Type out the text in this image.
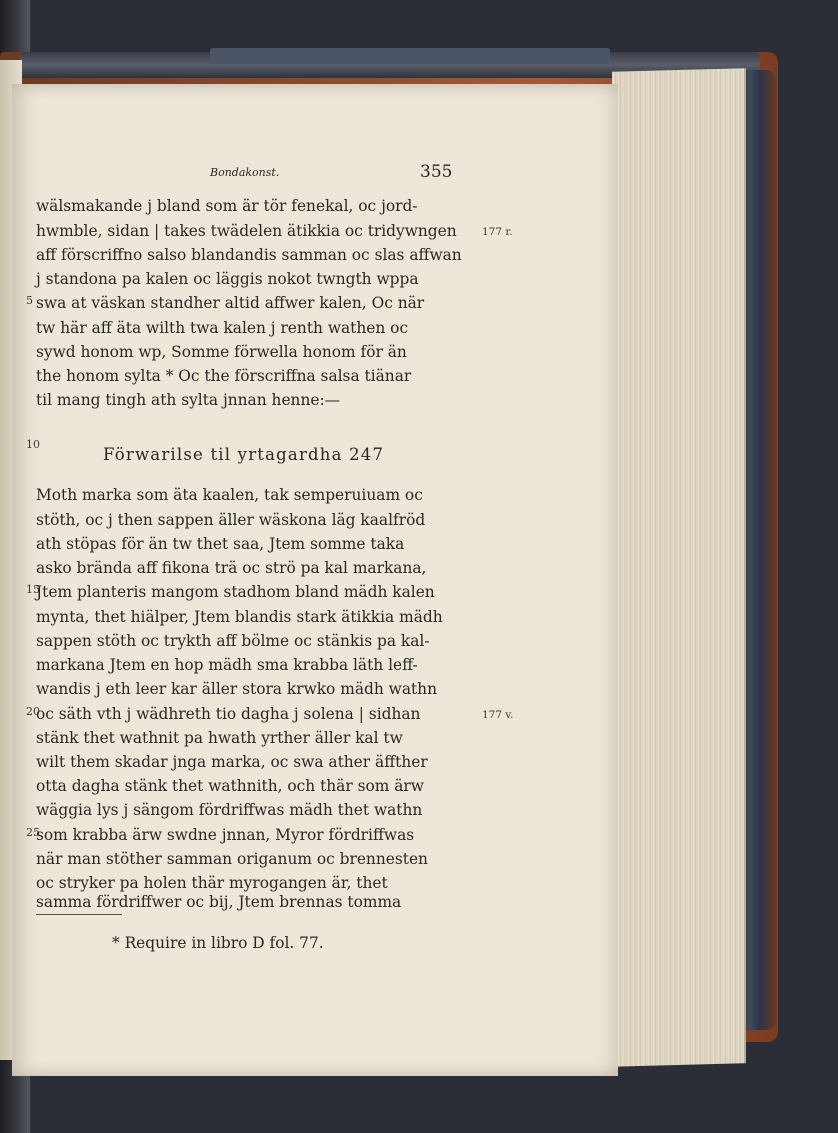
Bondakonst.	355
wälsmakande j bland som är tör fenekal, oc jord-
hwmble, sidan | takes twädelen ätikkia oc tridywngen 177 r.
aff förscriffno salso blandandis samman oc slas affwan
j standona pa kalen oc läggis nokot twngth wppa
5 swa at väskan standher altid affwer kalen, Oc när
tw här aff äta wilth twa kalen j renth wathen oc
sywd honom wp, Somme förwella honom för än
the honom sylta * Oc the förscriffna salsa tiänar
til mang tingh ath sylta jnnan henne:—
10
Förwarilse til yrtagardha 247
Moth marka som äta kaalen, tak semperuiuam oc
stöth, oc j then sappen äller wäskona läg kaalfröd
ath stöpas för än tw thet saa, Jtem somme taka
asko brända aff fikona trä oc strö pa kal markana,
15
Jtem planteris mangom stadhom bland mädh kalen
mynta, thet hiälper, Jtem blandis stark ätikkia mädh
sappen stöth oc trykth aff bölme oc stänkis pa kal-
markana Jtem en hop mädh sma krabba läth leff-
wandis j eth leer kar äller stora krwko mädh wathn
20
oc säth vth j wädhreth tio dagha j solena | sidhan	177 v.
stänk thet wathnit pa hwath yrther äller kal tw
wilt them skadar jnga marka, oc swa ather äffther
otta dagha stänk thet wathnith, och thär som ärw
wäggia lys j sängom fördriffwas mädh thet wathn
25
som krabba ärw swdne jnnan, Myror fördriffwas
när man stöther samman origanum oc brennesten
oc stryker pa holen thär myrogangen är, thet
samma fördriffwer oc bij, Jtem brennas tomma
* Require in libro D fol. 77.
